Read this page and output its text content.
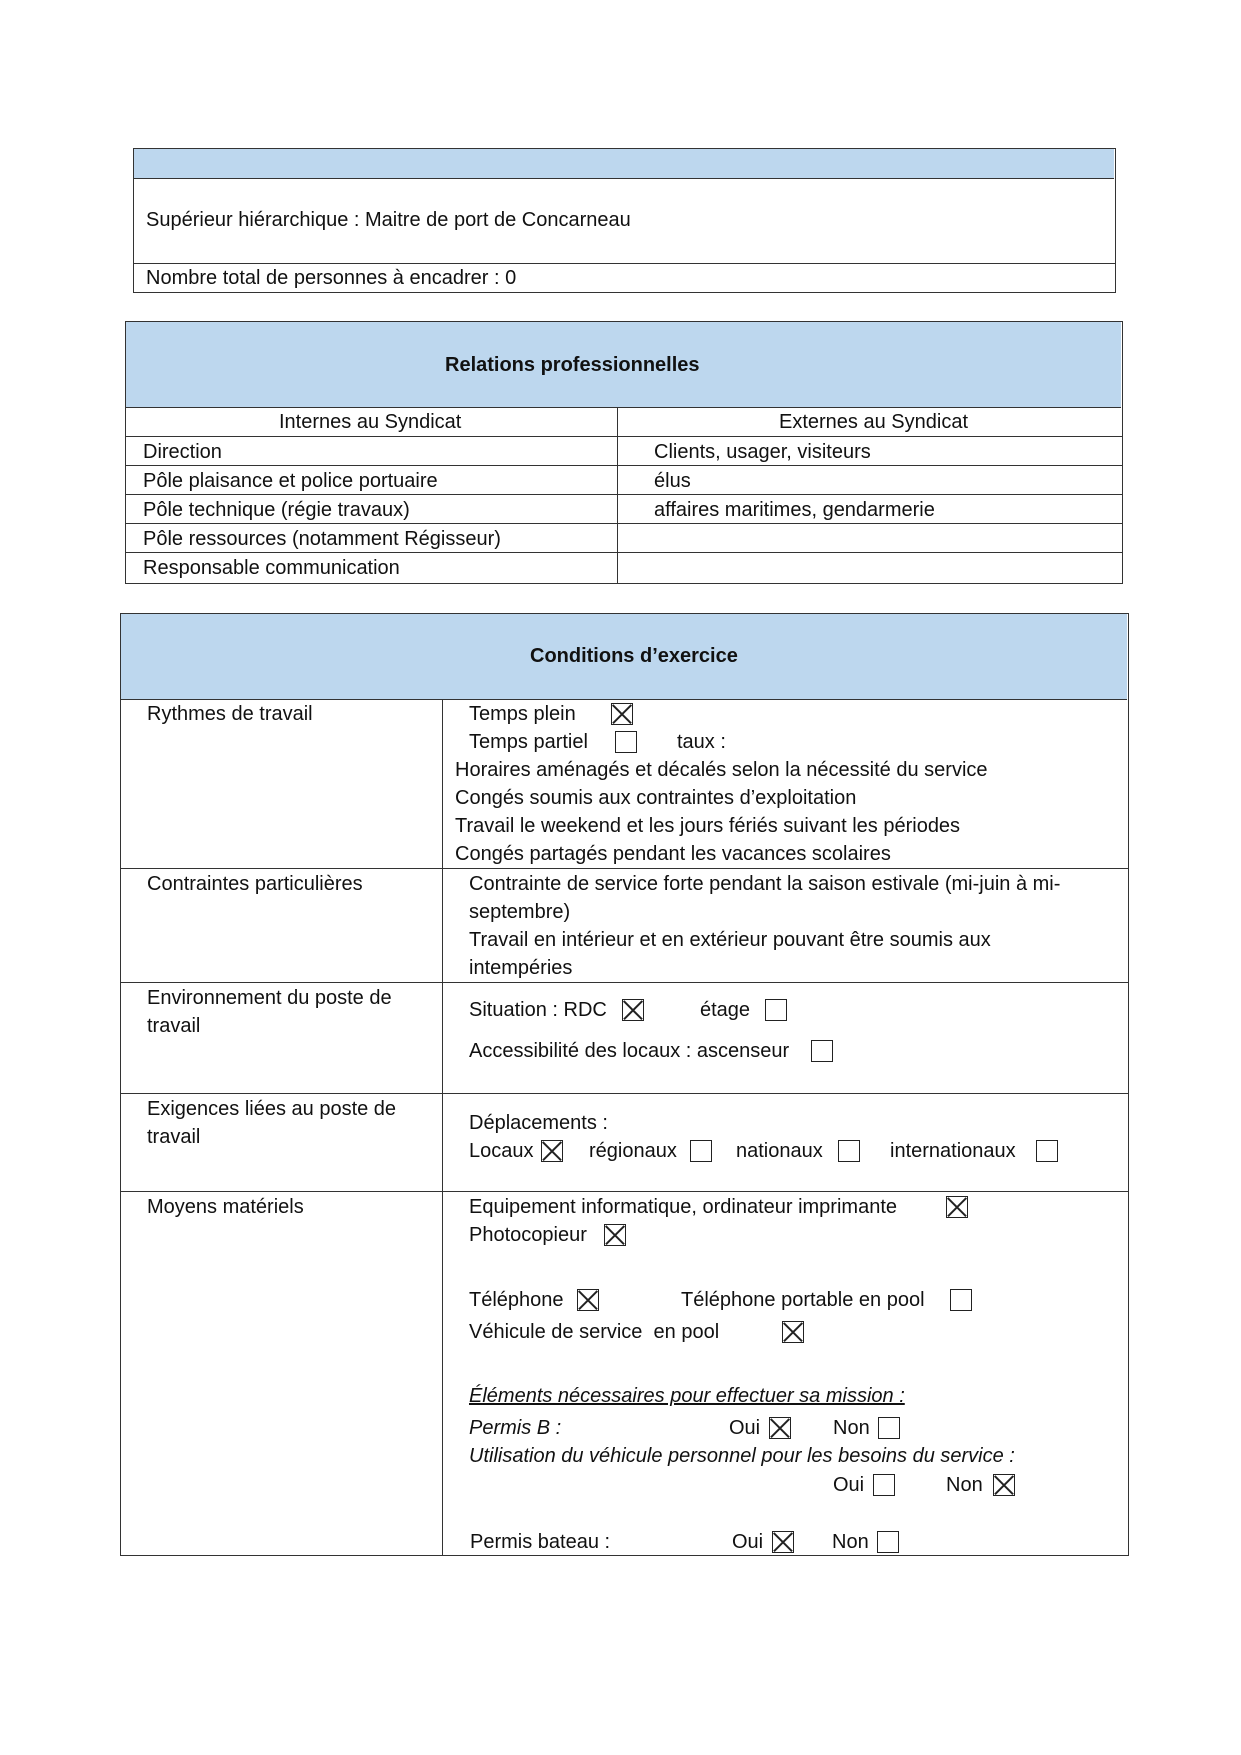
Supérieur hiérarchique : Maitre de port de Concarneau
Nombre total de personnes à encadrer : 0
Relations professionnelles
Internes au Syndicat	Externes au Syndicat
Direction	Clients, usager, visiteurs
Pôle plaisance et police portuaire	élus
Pôle technique (régie travaux)	affaires maritimes, gendarmerie
Pôle ressources (notamment Régisseur)
Responsable communication
Conditions d’exercice
Rythmes de travail	Temps plein
Temps partiel	taux :
Horaires aménagés et décalés selon la nécessité du service
Congés soumis aux contraintes d’exploitation
Travail le weekend et les jours fériés suivant les périodes
Congés partagés pendant les vacances scolaires
Contraintes particulières	Contrainte de service forte pendant la saison estivale (mi-juin à mi-
septembre)
Travail en intérieur et en extérieur pouvant être soumis aux
intempéries
Environnement du poste de
travail
Situation : RDC	étage
Accessibilité des locaux : ascenseur
Exigences liées au poste de
travail
Déplacements :
Locaux	régionaux	nationaux	internationaux
Moyens matériels	Equipement informatique, ordinateur imprimante
Photocopieur
Téléphone	Téléphone portable en pool
Véhicule de service  en pool
Éléments nécessaires pour effectuer sa mission :
Permis B :	Oui	Non
Utilisation du véhicule personnel pour les besoins du service :
Oui	Non
Permis bateau :	Oui	Non
